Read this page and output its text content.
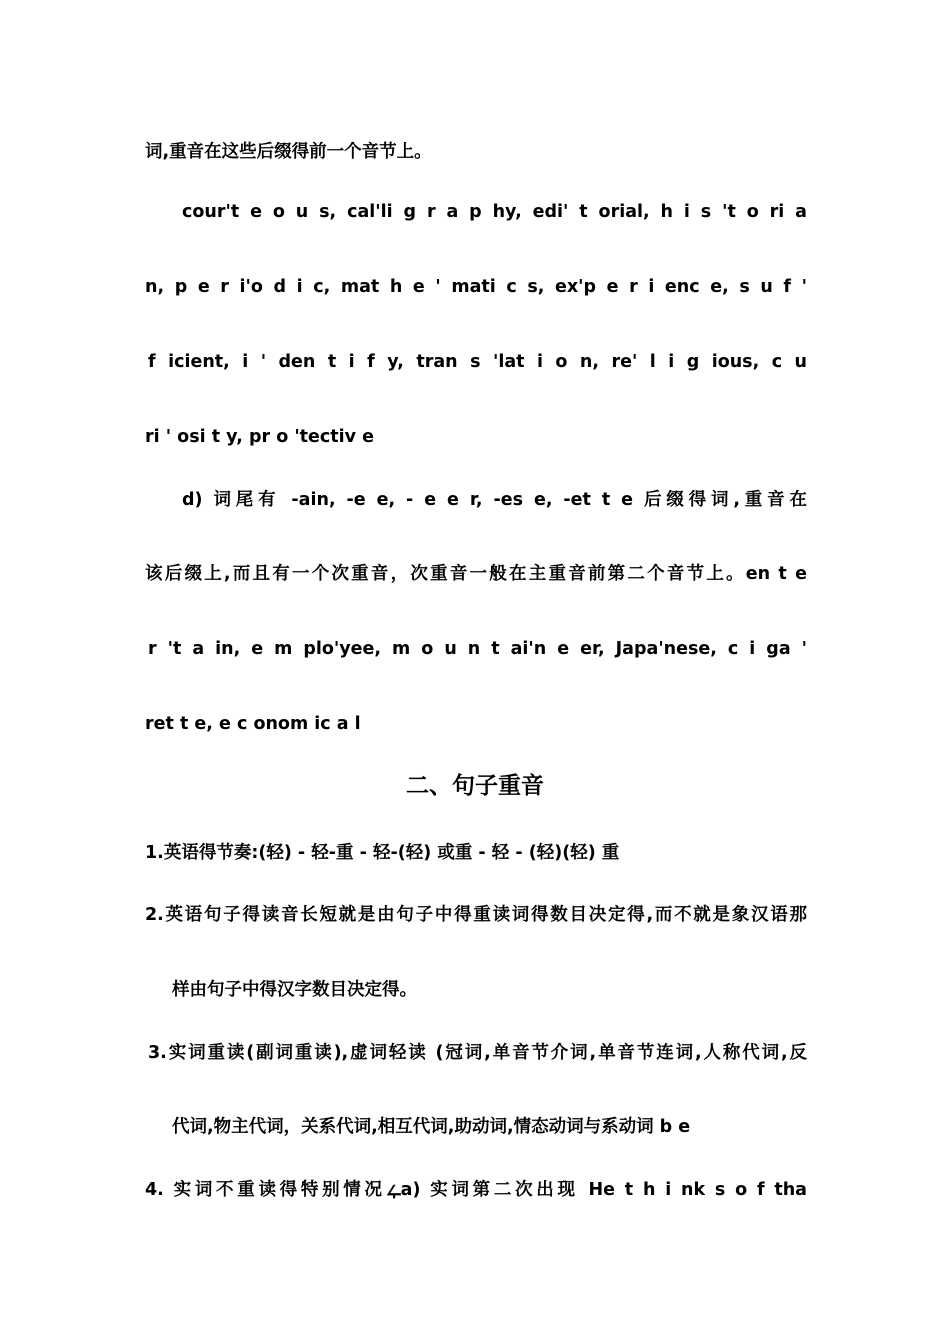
词,重音在这些后缀得前一个音节上。
cour't e o u s, cal'li g r a p hy, edi' t orial, h i s 't o ri a
n, p e r i'o d i c, mat h e ' mati c s, ex'p e r i enc e, s u f '
f icient, i ' den t i f y, tran s 'lat i o n, re' l i g ious, c u
ri ' osi t y, pr o 'tectiv e
d) 词尾有 -ain, -e e, - e e r, -es e, -et t e 后缀得词,重音在
该后缀上,而且有一个次重音，次重音一般在主重音前第二个音节上。en t e
r 't a in, e m plo'yee, m o u n t ai'n e er, Japa'nese, c i ga '
ret t e, e c onom ic a l
二、句子重音
1.英语得节奏:(轻) - 轻-重 - 轻-(轻) 或重 - 轻 - (轻)(轻) 重
2.英语句子得读音长短就是由句子中得重读词得数目决定得,而不就是象汉语那
样由句子中得汉字数目决定得。
3.实词重读(副词重读),虚词轻读 (冠词,单音节介词,单音节连词,人称代词,反
代词,物主代词，关系代词,相互代词,助动词,情态动词与系动词 b e
4. 实词不重读得特别情况ഺa) 实词第二次出现 He t h i nk s o f tha
